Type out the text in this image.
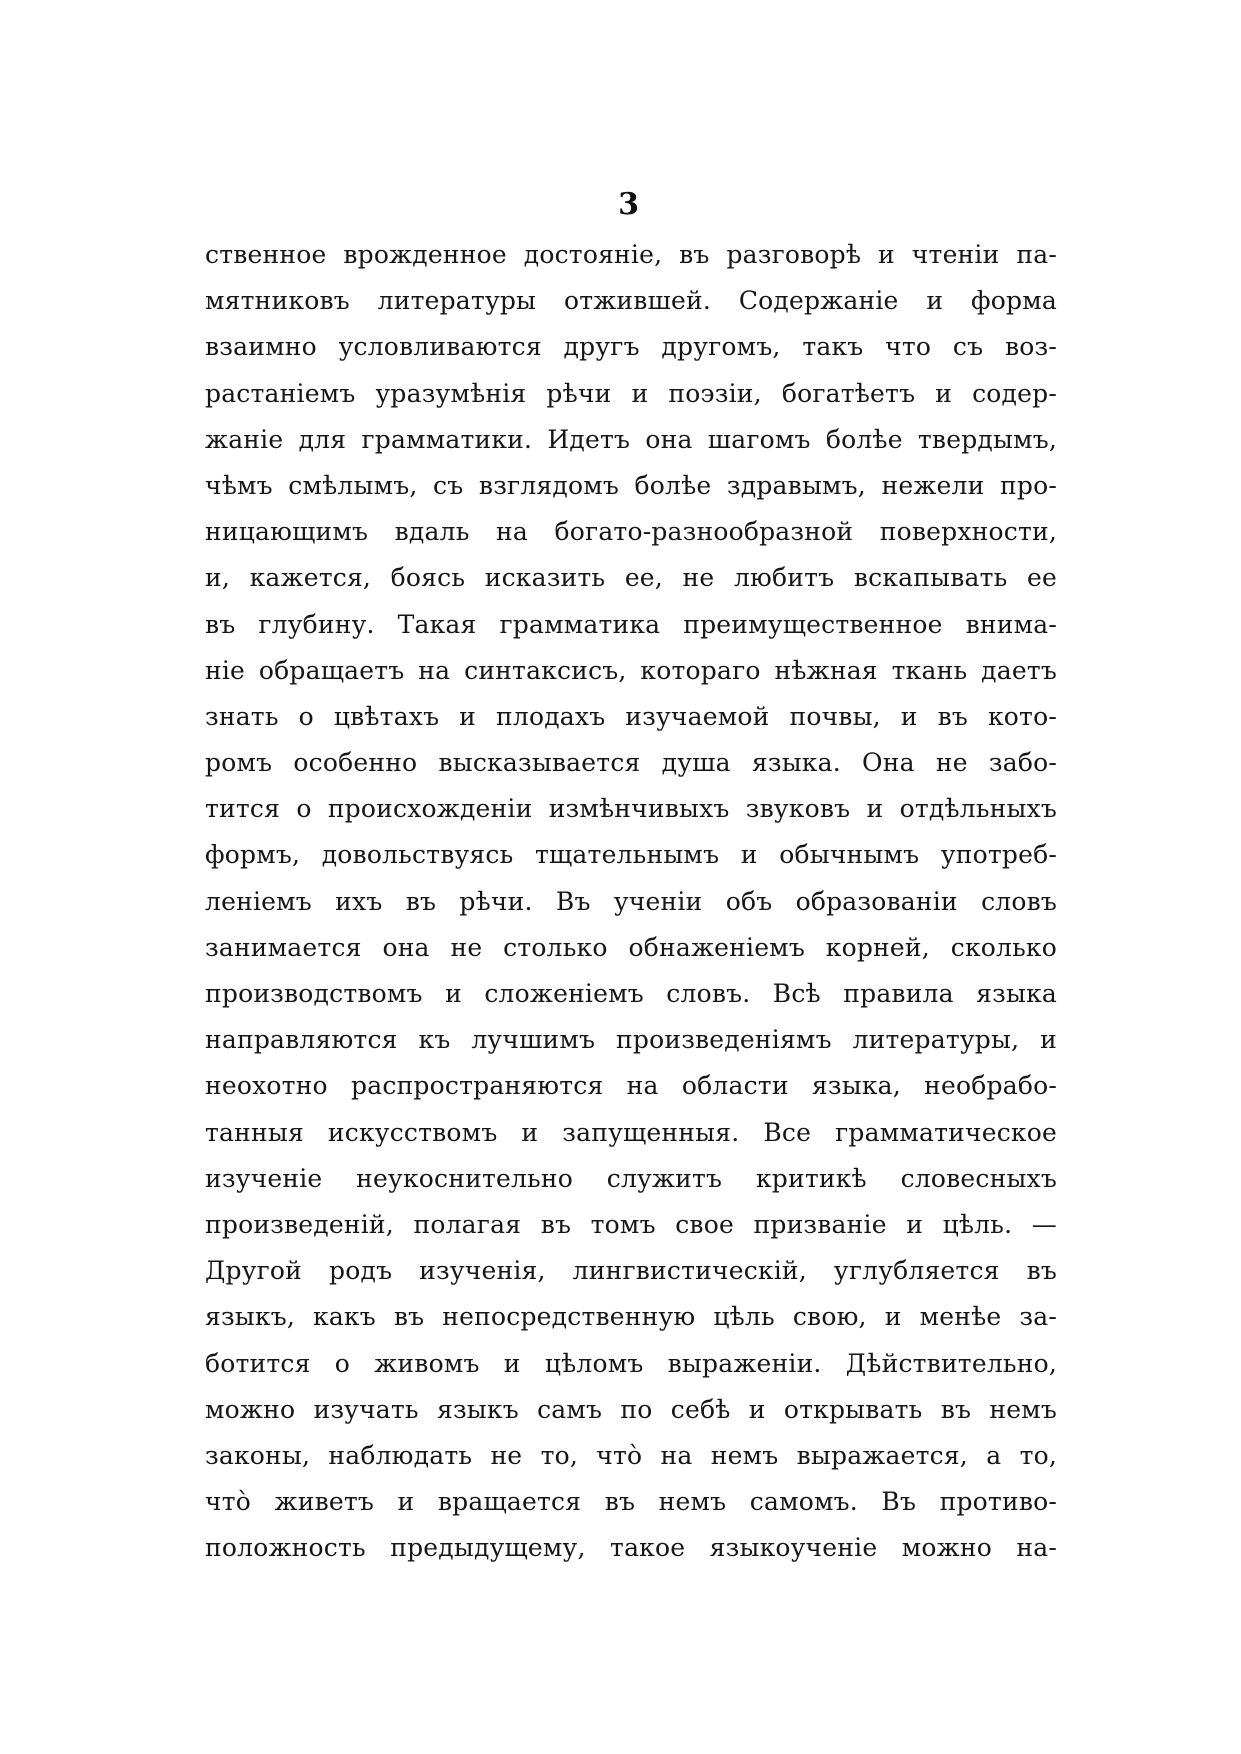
3
ственное врожденное достояніе, въ разговорѣ и чтеніи па-
мятниковъ литературы отжившей. Содержаніе и форма
взаимно условливаются другъ другомъ, такъ что съ воз-
растаніемъ уразумѣнія рѣчи и поэзіи, богатѣетъ и содер-
жаніе для грамматики. Идетъ она шагомъ болѣе твердымъ,
чѣмъ смѣлымъ, съ взглядомъ болѣе здравымъ, нежели про-
ницающимъ вдаль на богато-разнообразной поверхности,
и, кажется, боясь исказить ее, не любитъ вскапывать ее
въ глубину. Такая грамматика преимущественное внима-
ніе обращаетъ на синтаксисъ, котораго нѣжная ткань даетъ
знать о цвѣтахъ и плодахъ изучаемой почвы, и въ кото-
ромъ особенно высказывается душа языка. Она не забо-
тится о происхожденіи измѣнчивыхъ звуковъ и отдѣльныхъ
формъ, довольствуясь тщательнымъ и обычнымъ употреб-
леніемъ ихъ въ рѣчи. Въ ученіи объ образованіи словъ
занимается она не столько обнаженіемъ корней, сколько
производствомъ и сложеніемъ словъ. Всѣ правила языка
направляются къ лучшимъ произведеніямъ литературы, и
неохотно распространяются на области языка, необрабо-
танныя искусствомъ и запущенныя. Все грамматическое
изученіе неукоснительно служитъ критикѣ словесныхъ
произведеній, полагая въ томъ свое призваніе и цѣль. —
Другой родъ изученія, лингвистическій, углубляется въ
языкъ, какъ въ непосредственную цѣль свою, и менѣе за-
ботится о живомъ и цѣломъ выраженіи. Дѣйствительно,
можно изучать языкъ самъ по себѣ и открывать въ немъ
законы, наблюдать не то, что̀ на немъ выражается, а то,
что̀ живетъ и вращается въ немъ самомъ. Въ противо-
положность предыдущему, такое языкоученіе можно на-
